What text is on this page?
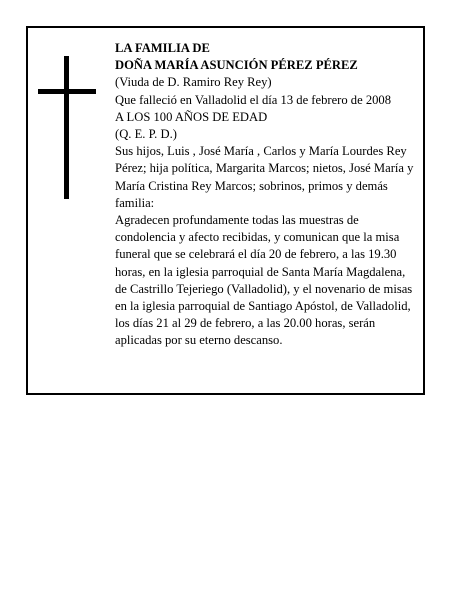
LA FAMILIA DE
DOÑA MARÍA ASUNCIÓN PÉREZ PÉREZ
(Viuda de D. Ramiro Rey Rey)
Que falleció en Valladolid el día 13 de febrero de 2008
A LOS 100 AÑOS DE EDAD
(Q. E. P. D.)
Sus hijos, Luis , José María , Carlos y María Lourdes Rey Pérez; hija política, Margarita Marcos; nietos, José María y María Cristina Rey Marcos; sobrinos, primos y demás familia:
Agradecen profundamente todas las muestras de condolencia y afecto recibidas, y comunican que la misa funeral que se celebrará el día 20 de febrero, a las 19.30 horas, en la iglesia parroquial de Santa María Magdalena, de Castrillo Tejeriego (Valladolid), y el novenario de misas en la iglesia parroquial de Santiago Apóstol, de Valladolid, los días 21 al 29 de febrero, a las 20.00 horas, serán aplicadas por su eterno descanso.
